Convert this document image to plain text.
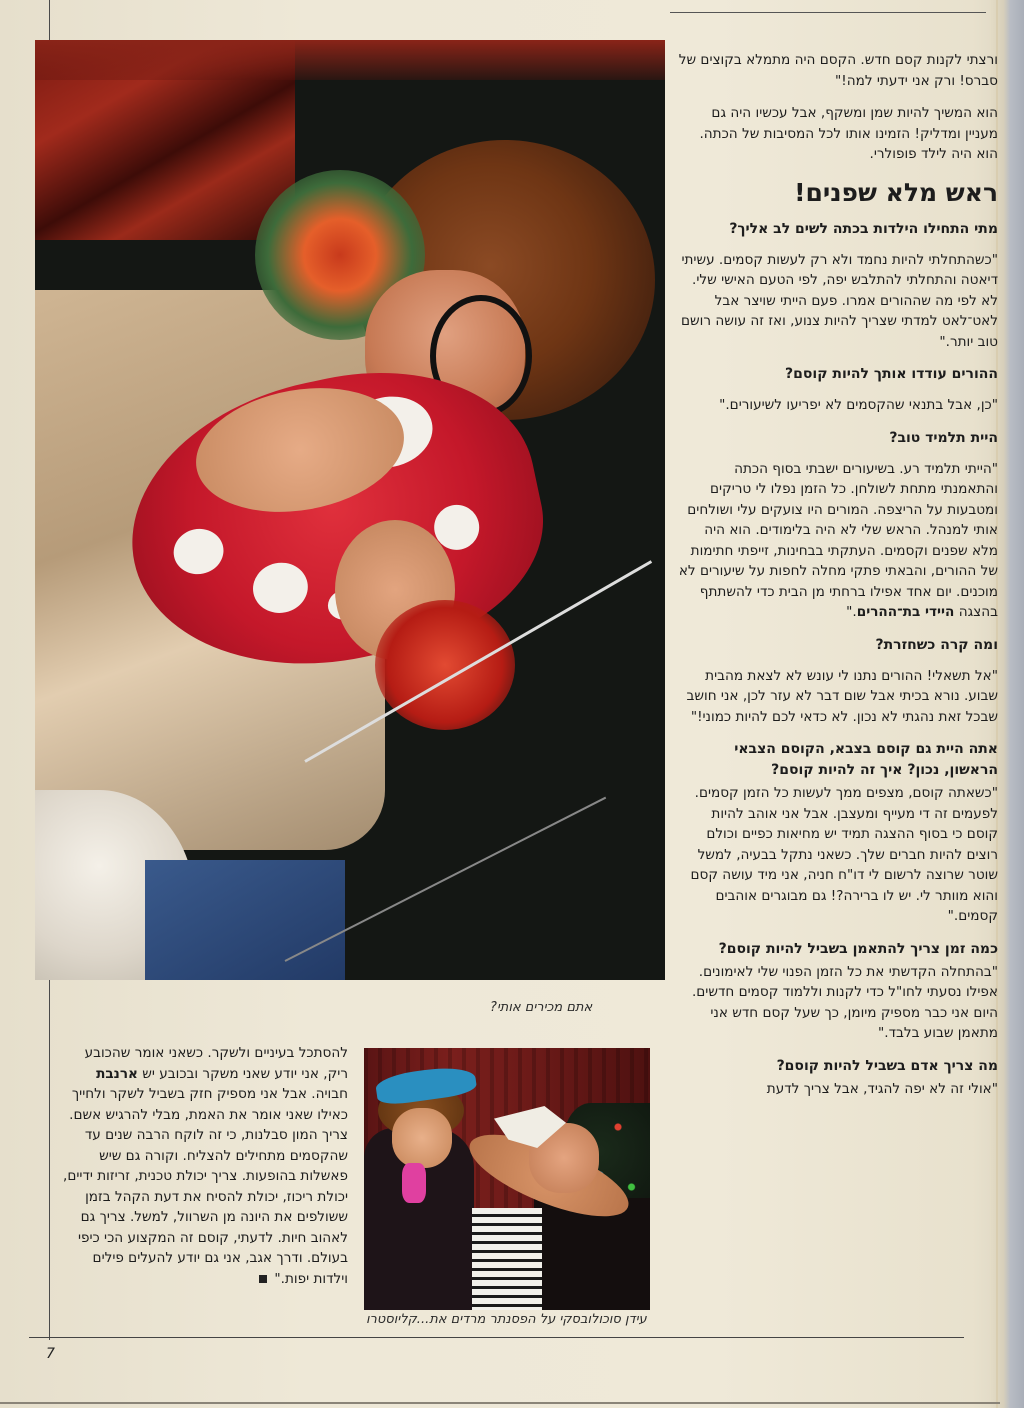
אתם מכירים אותי?
עידן סוכולובסקי על הפסנתר מרדים את...קליוסטרו

ורצתי לקנות קסם חדש. הקסם היה מתמלא בקוצים של סברס! ורק אני ידעתי למה!"

הוא המשיך להיות שמן ומשקף, אבל עכשיו היה גם מעניין ומדליק! הזמינו אותו לכל המסיבות של הכתה. הוא היה לילד פופולרי.

ראש מלא שפנים!
מתי התחילו הילדות בכתה לשים לב אליך?

"כשהתחלתי להיות נחמד ולא רק לעשות קסמים. עשיתי דיאטה והתחלתי להתלבש יפה, לפי הטעם האישי שלי. לא לפי מה שההורים אמרו. פעם הייתי שויצר אבל לאט־לאט למדתי שצריך להיות צנוע, ואז זה עושה רושם טוב יותר."

ההורים עודדו אותך להיות קוסם?

"כן, אבל בתנאי שהקסמים לא יפריעו לשיעורים."

היית תלמיד טוב?

"הייתי תלמיד רע. בשיעורים ישבתי בסוף הכתה והתאמנתי מתחת לשולחן. כל הזמן נפלו לי טריקים ומטבעות על הריצפה. המורים היו צועקים עלי ושולחים אותי למנהל. הראש שלי לא היה בלימודים. הוא היה מלא שפנים וקסמים. העתקתי בבחינות, זייפתי חתימות של ההורים, והבאתי פתקי מחלה לחפות על שיעורים לא מוכנים. יום אחד אפילו ברחתי מן הבית כדי להשתתף בהצגה היידי בת־ההרים."

ומה קרה כשחזרת?

"אל תשאלי! ההורים נתנו לי עונש לא לצאת מהבית שבוע. נורא בכיתי אבל שום דבר לא עזר לכן, אני חושב שבכל זאת נהגתי לא נכון. לא כדאי לכם להיות כמוני!"

אתה היית גם קוסם בצבא, הקוסם הצבאי הראשון, נכון? איך זה להיות קוסם?

"כשאתה קוסם, מצפים ממך לעשות כל הזמן קסמים. לפעמים זה די מעייף ומעצבן. אבל אני אוהב להיות קוסם כי בסוף ההצגה תמיד יש מחיאות כפיים וכולם רוצים להיות חברים שלך. כשאני נתקל בבעיה, למשל שוטר שרוצה לרשום לי דו"ח חניה, אני מיד עושה קסם והוא מוותר לי. יש לו ברירה?! גם מבוגרים אוהבים קסמים."

כמה זמן צריך להתאמן בשביל להיות קוסם?

"בהתחלה הקדשתי את כל הזמן הפנוי שלי לאימונים. אפילו נסעתי לחו"ל כדי לקנות וללמוד קסמים חדשים. היום אני כבר מספיק מיומן, כך שעל קסם חדש אני מתאמן שבוע בלבד."

מה צריך אדם בשביל להיות קוסם?

"אולי זה לא יפה להגיד, אבל צריך לדעת

להסתכל בעיניים ולשקר. כשאני אומר שהכובע ריק, אני יודע שאני משקר ובכובע יש ארנבת חבויה. אבל אני מספיק חזק בשביל לשקר ולחייך כאילו שאני אומר את האמת, מבלי להרגיש אשם. צריך המון סבלנות, כי זה לוקח הרבה שנים עד שהקסמים מתחילים להצליח. וקורה גם שיש פאשלות בהופעות. צריך יכולת טכנית, זריזות ידיים, יכולת ריכוז, יכולת להסיח את דעת הקהל בזמן ששולפים את היונה מן השרוול, למשל. צריך גם לאהוב חיות. לדעתי, קוסם זה המקצוע הכי כיפי בעולם. ודרך אגב, אני גם יודע להעלים פילים וילדות יפות."

7
